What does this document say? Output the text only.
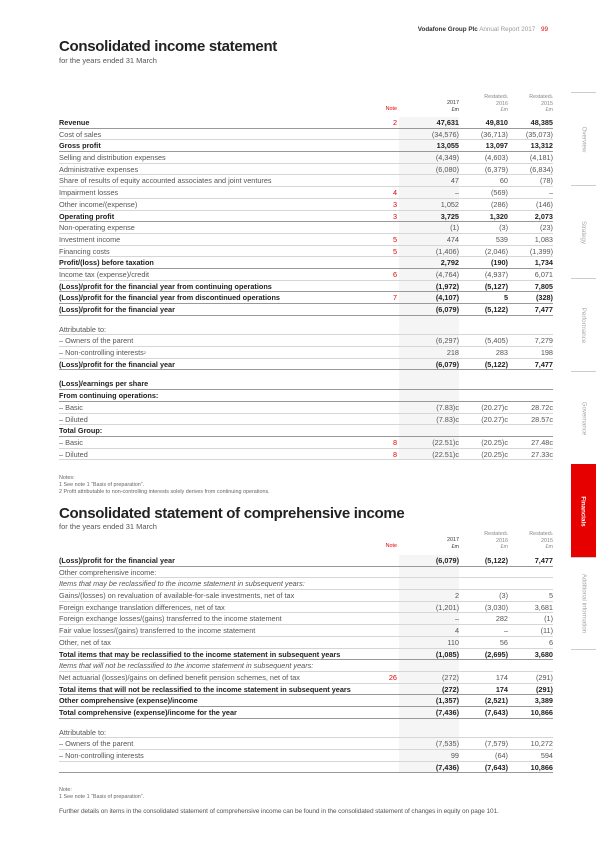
Vodafone Group Plc Annual Report 2017 99
Overview
Strategy
Performance
Governance
Financials
Additional information
Consolidated income statement
for the years ended 31 March
Note
2017
£m
Restated$^1$
2016
£m
Restated$^1$
2015
£m
Revenue	2	47,631	49,810	48,385
Cost of sales	(34,576)	(36,713)	(35,073)
Gross profit	13,055	13,097	13,312
Selling and distribution expenses	(4,349)	(4,603)	(4,181)
Administrative expenses	(6,080)	(6,379)	(6,834)
Share of results of equity accounted associates and joint ventures	47	60	(78)
Impairment losses	4	–	(569)	–
Other income/(expense)	3	1,052	(286)	(146)
Operating profit	3	3,725	1,320	2,073
Non-operating expense	(1)	(3)	(23)
Investment income	5	474	539	1,083
Financing costs	5	(1,406)	(2,046)	(1,399)
Profit/(loss) before taxation	2,792	(190)	1,734
Income tax (expense)/credit	6	(4,764)	(4,937)	6,071
(Loss)/profit for the financial year from continuing operations	(1,972)	(5,127)	7,805
(Loss)/profit for the financial year from discontinued operations	7	(4,107)	5	(328)
(Loss)/profit for the financial year	(6,079)	(5,122)	7,477
Attributable to:
– Owners of the parent	(6,297)	(5,405)	7,279
– Non-controlling interests$^2$	218	283	198
(Loss)/profit for the financial year	(6,079)	(5,122)	7,477
(Loss)/earnings per share
From continuing operations:
– Basic	(7.83)c	(20.27)c	28.72c
– Diluted	(7.83)c	(20.27)c	28.57c
Total Group:
– Basic	8	(22.51)c	(20.25)c	27.48c
– Diluted	8	(22.51)c	(20.25)c	27.33c
Notes:
1 See note 1 “Basis of preparation”.
2 Profit attributable to non-controlling interests solely derives from continuing operations.
Consolidated statement of comprehensive income
for the years ended 31 March
Note
2017
£m
Restated$^1$
2016
£m
Restated$^1$
2015
£m
(Loss)/profit for the financial year	(6,079)	(5,122)	7,477
Other comprehensive income:
Items that may be reclassified to the income statement in subsequent years:
Gains/(losses) on revaluation of available-for-sale investments, net of tax	2	(3)	5
Foreign exchange translation differences, net of tax	(1,201)	(3,030)	3,681
Foreign exchange losses/(gains) transferred to the income statement	–	282	(1)
Fair value losses/(gains) transferred to the income statement	4	–	(11)
Other, net of tax	110	56	6
Total items that may be reclassified to the income statement in subsequent years	(1,085)	(2,695)	3,680
Items that will not be reclassified to the income statement in subsequent years:
Net actuarial (losses)/gains on defined benefit pension schemes, net of tax	26	(272)	174	(291)
Total items that will not be reclassified to the income statement in subsequent years	(272)	174	(291)
Other comprehensive (expense)/income	(1,357)	(2,521)	3,389
Total comprehensive (expense)/income for the year	(7,436)	(7,643)	10,866
Attributable to:
– Owners of the parent	(7,535)	(7,579)	10,272
– Non-controlling interests	99	(64)	594
(7,436)	(7,643)	10,866
Note:
1 See note 1 “Basis of preparation”.
Further details on items in the consolidated statement of comprehensive income can be found in the consolidated statement of changes in equity on page 101.
